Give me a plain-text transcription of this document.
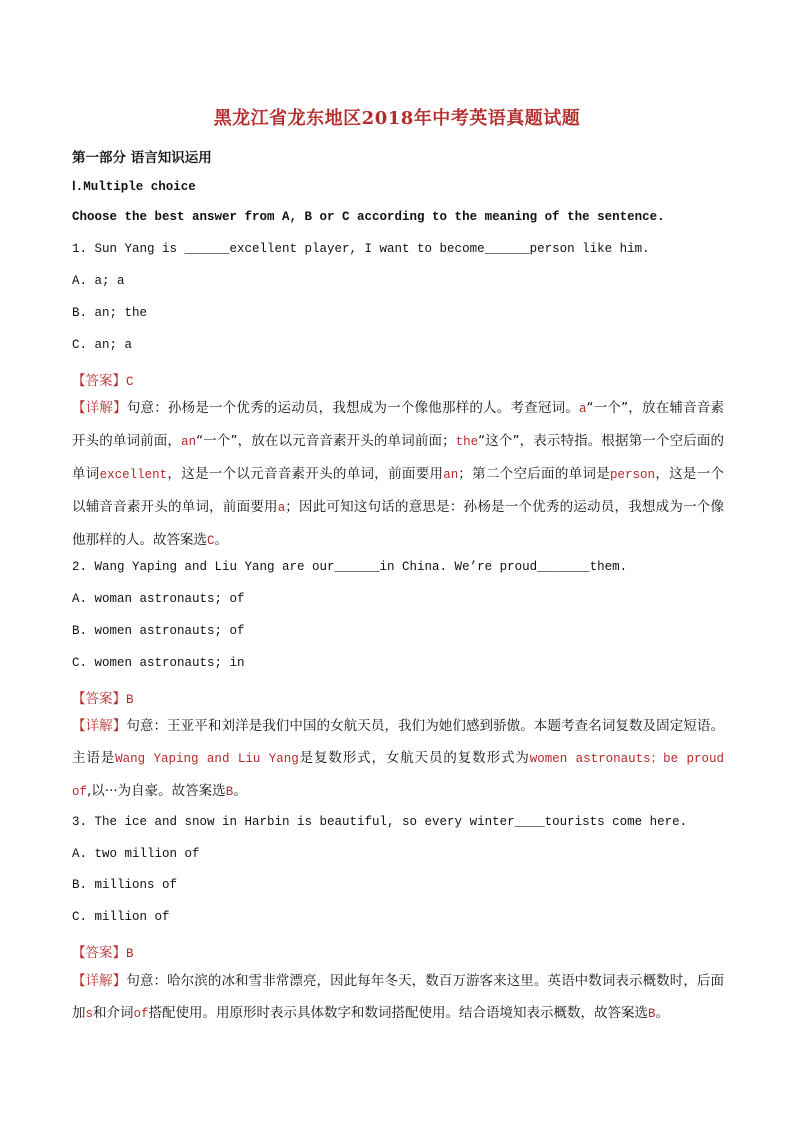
黑龙江省龙东地区2018年中考英语真题试题
第一部分 语言知识运用
Ⅰ.Multiple choice
Choose the best answer from A, B or C according to the meaning of the sentence.
1. Sun Yang is ______excellent player, I want to become______person like him.
A. a; a
B. an; the
C. an; a
【答案】C
【详解】句意：孙杨是一个优秀的运动员，我想成为一个像他那样的人。考查冠词。a“一个”，放在辅音音素开头的单词前面，an“一个”，放在以元音音素开头的单词前面；the“这个”，表示特指。根据第一个空后面的单词excellent，这是一个以元音音素开头的单词，前面要用an；第二个空后面的单词是person，这是一个以辅音音素开头的单词，前面要用a；因此可知这句话的意思是：孙杨是一个优秀的运动员，我想成为一个像他那样的人。故答案选C。
2. Wang Yaping and Liu Yang are our______in China. We’re proud_______them.
A. woman astronauts; of
B. women astronauts; of
C. women astronauts; in
【答案】B
【详解】句意：王亚平和刘洋是我们中国的女航天员，我们为她们感到骄傲。本题考查名词复数及固定短语。主语是Wang Yaping and Liu Yang是复数形式，女航天员的复数形式为women astronauts；be proud of,以···为自豪。故答案选B。
3. The ice and snow in Harbin is beautiful, so every winter____tourists come here.
A. two million of
B. millions of
C. million of
【答案】B
【详解】句意：哈尔滨的冰和雪非常漂亮，因此每年冬天，数百万游客来这里。英语中数词表示概数时，后面加s和介词of搭配使用。用原形时表示具体数字和数词搭配使用。结合语境知表示概数，故答案选B。
